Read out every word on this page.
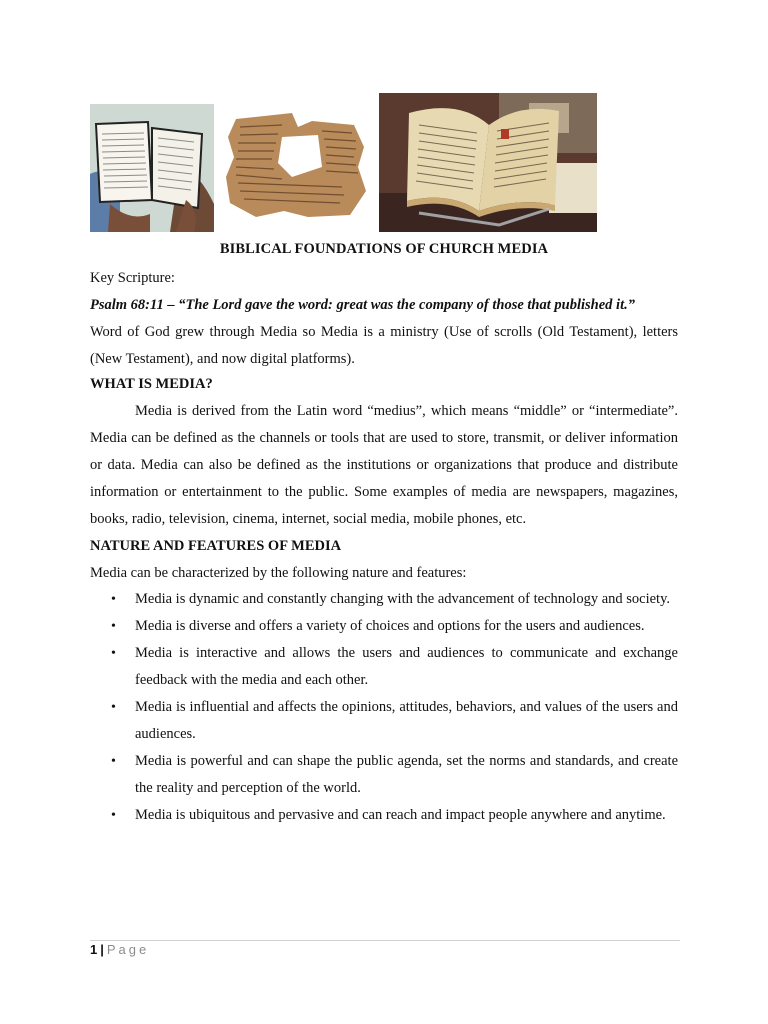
BIBLICAL FOUNDATIONS OF CHURCH MEDIA
Key Scripture:
Psalm 68:11 – “The Lord gave the word: great was the company of those that published it.”
Word of God grew through Media so Media is a ministry (Use of scrolls (Old Testament), letters (New Testament), and now digital platforms).
WHAT IS MEDIA?
Media is derived from the Latin word “medius”, which means “middle” or “intermediate”. Media can be defined as the channels or tools that are used to store, transmit, or deliver information or data. Media can also be defined as the institutions or organizations that produce and distribute information or entertainment to the public. Some examples of media are newspapers, magazines, books, radio, television, cinema, internet, social media, mobile phones, etc.
NATURE AND FEATURES OF MEDIA
Media can be characterized by the following nature and features:
• Media is dynamic and constantly changing with the advancement of technology and society.
• Media is diverse and offers a variety of choices and options for the users and audiences.
• Media is interactive and allows the users and audiences to communicate and exchange feedback with the media and each other.
• Media is influential and affects the opinions, attitudes, behaviors, and values of the users and audiences.
• Media is powerful and can shape the public agenda, set the norms and standards, and create the reality and perception of the world.
• Media is ubiquitous and pervasive and can reach and impact people anywhere and anytime.
1 | Page
